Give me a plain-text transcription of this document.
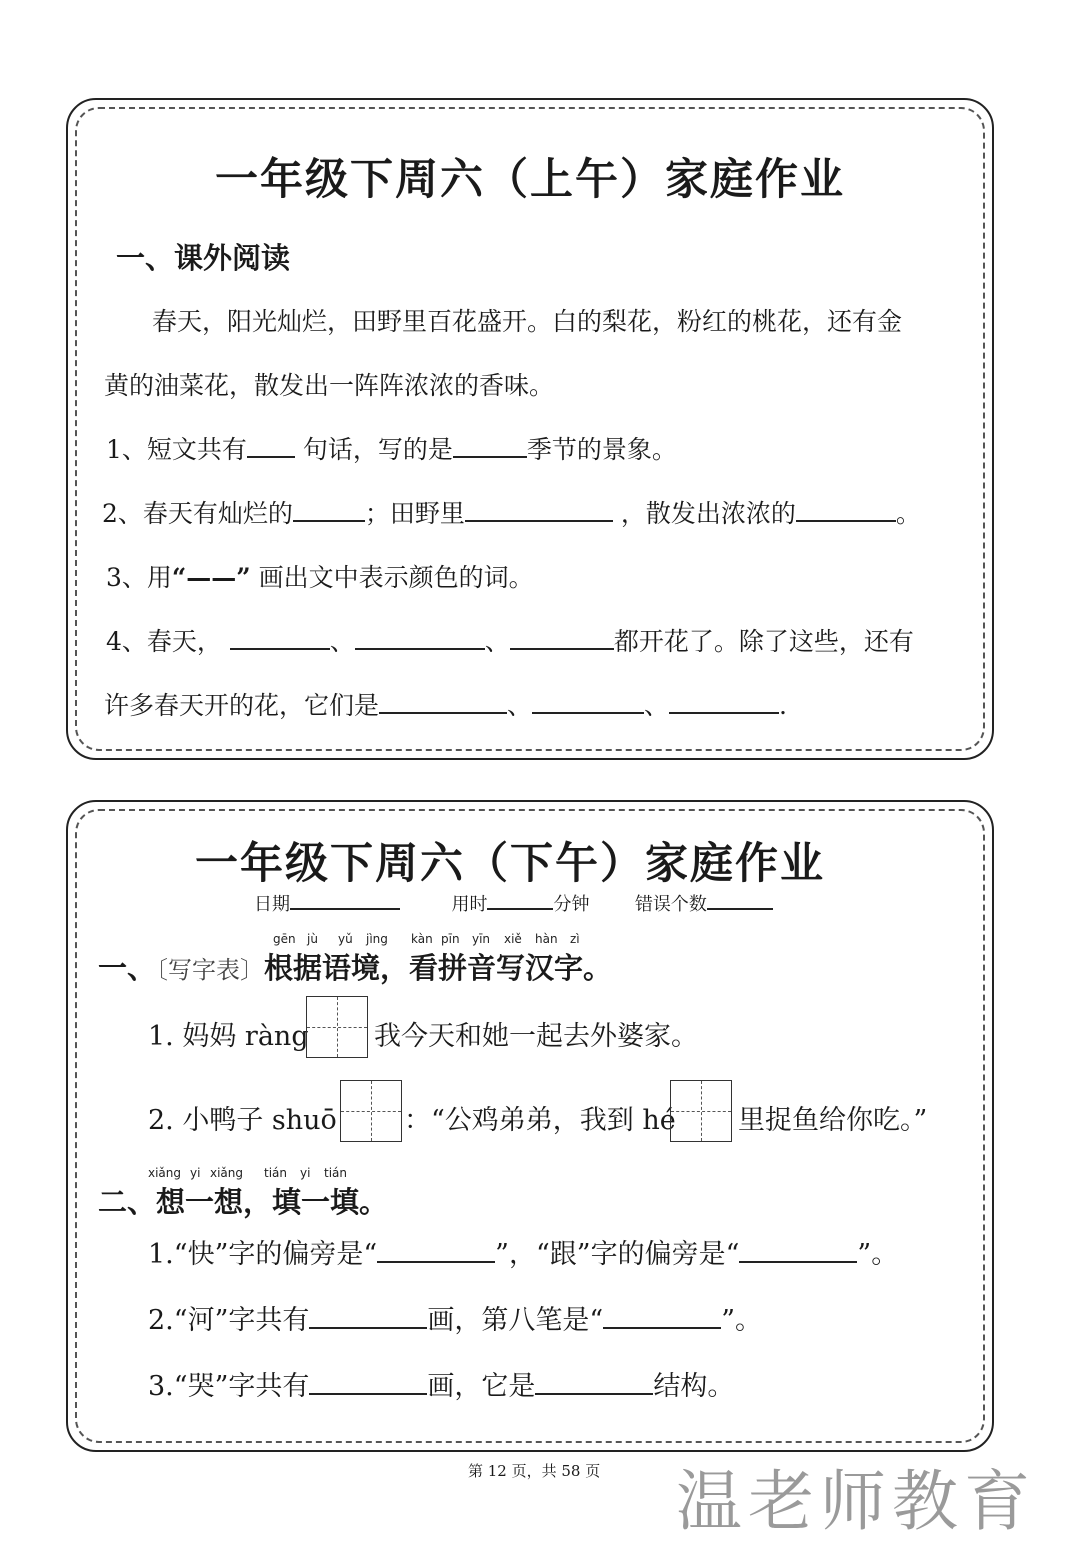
一年级下周六（上午）家庭作业
一、课外阅读
春天，阳光灿烂，田野里百花盛开。白的梨花，粉红的桃花，还有金
黄的油菜花，散发出一阵阵浓浓的香味。
1、短文共有 句话，写的是	季节的景象。
2、春天有灿烂的	；田野里	，散发出浓浓的	。
3、用“——” 画出文中表示颜色的词。
4、春天，	、	、	都开花了。除了这些，还有
许多春天开的花，它们是	、	、	.
一年级下周六（下午）家庭作业
日期	用时	分钟	错误个数
gēn jù yǔ jìng kàn pīn yīn xiě hàn zì
一、〔写字表〕根据语境，看拼音写汉字。
1. 妈妈 ràng 我今天和她一起去外婆家。
2. 小鸭子 shuō ：“公鸡弟弟，我到 hé 里捉鱼给你吃。”
xiǎng yi xiǎng tián yi tián
二、想一想，填一填。
1.“快”字的偏旁是“	”，“跟”字的偏旁是“	”。
2.“河”字共有	画，第八笔是“	”。
3.“哭”字共有	画，它是	结构。
第 12 页，共 58 页 温老师教育
